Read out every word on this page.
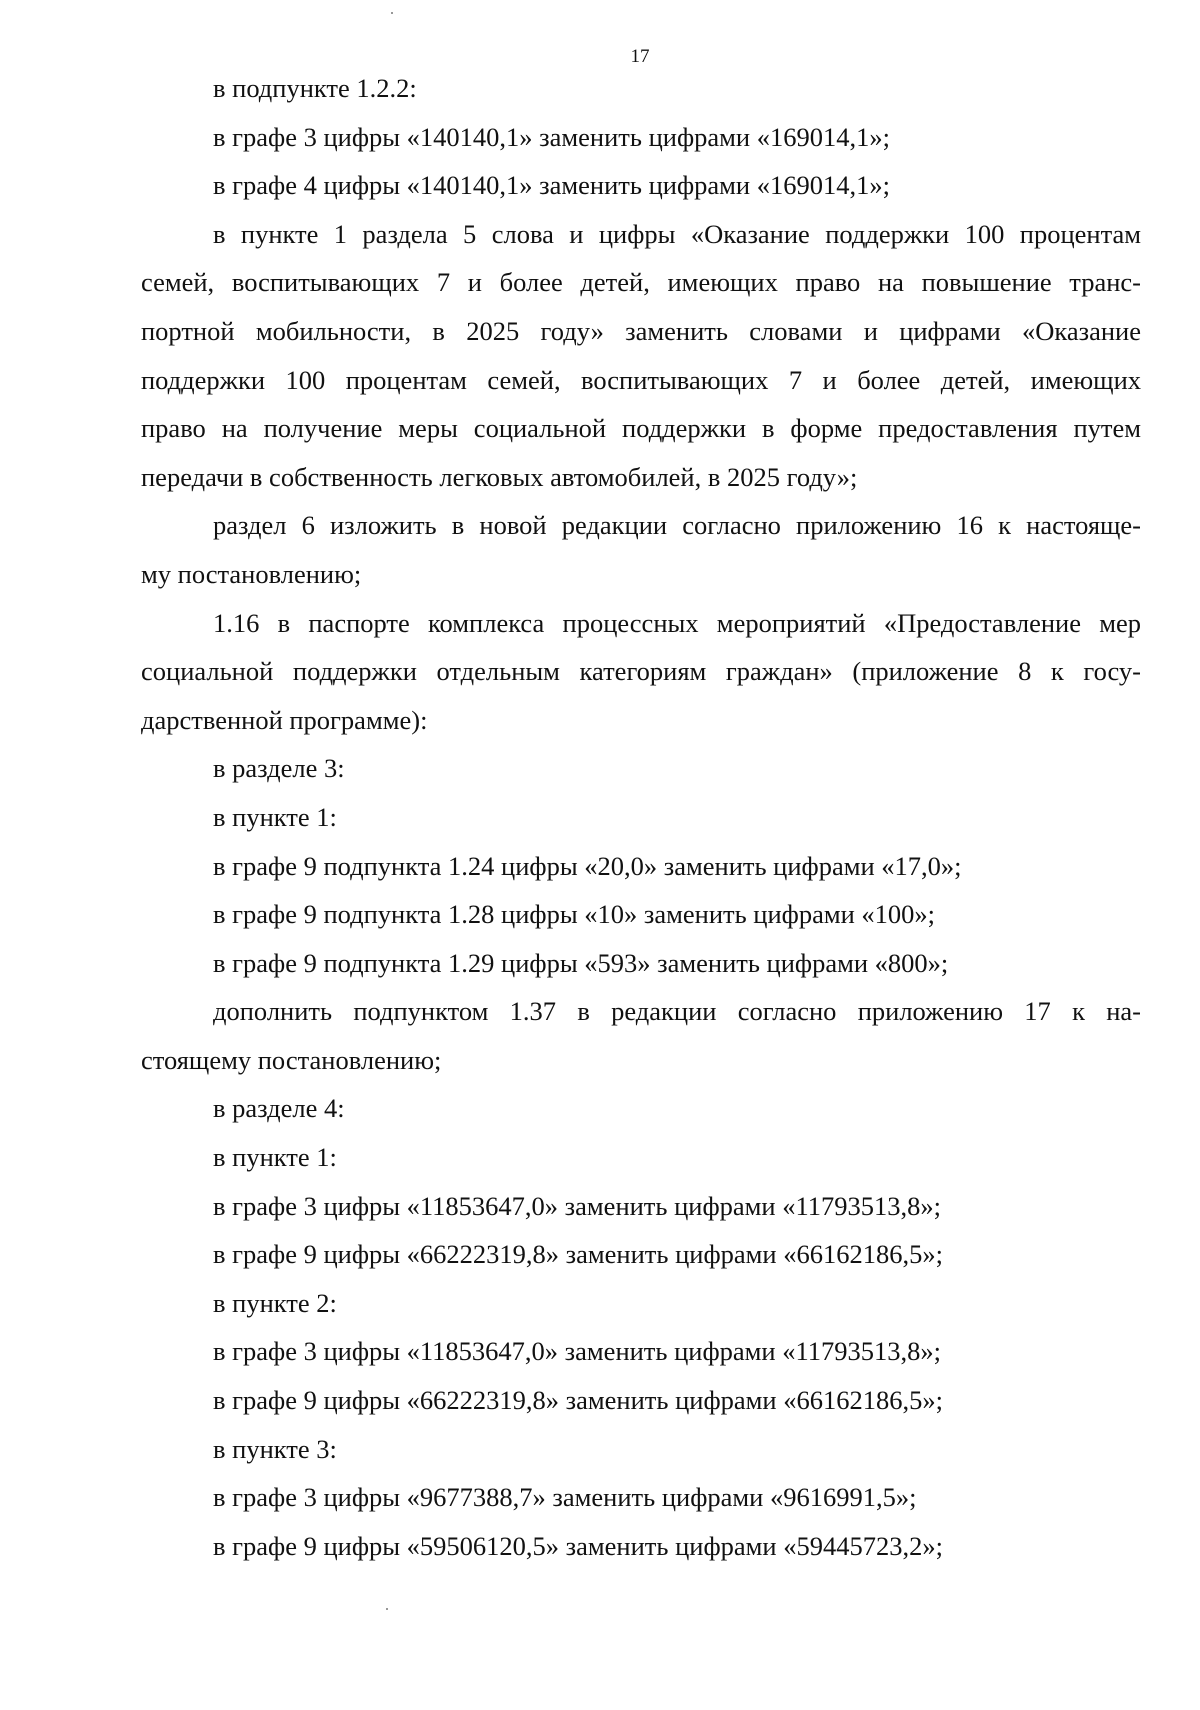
17
в подпункте 1.2.2:
в графе 3 цифры «140140,1» заменить цифрами «169014,1»;
в графе 4 цифры «140140,1» заменить цифрами «169014,1»;
в пункте 1 раздела 5 слова и цифры «Оказание поддержки 100 процентам
семей, воспитывающих 7 и более детей, имеющих право на повышение транс-
портной мобильности, в 2025 году» заменить словами и цифрами «Оказание
поддержки 100 процентам семей, воспитывающих 7 и более детей, имеющих
право на получение меры социальной поддержки в форме предоставления путем
передачи в собственность легковых автомобилей, в 2025 году»;
раздел 6 изложить в новой редакции согласно приложению 16 к настояще-
му постановлению;
1.16 в паспорте комплекса процессных мероприятий «Предоставление мер
социальной поддержки отдельным категориям граждан» (приложение 8 к госу-
дарственной программе):
в разделе 3:
в пункте 1:
в графе 9 подпункта 1.24 цифры «20,0» заменить цифрами «17,0»;
в графе 9 подпункта 1.28 цифры «10» заменить цифрами «100»;
в графе 9 подпункта 1.29 цифры «593» заменить цифрами «800»;
дополнить подпунктом 1.37 в редакции согласно приложению 17 к на-
стоящему постановлению;
в разделе 4:
в пункте 1:
в графе 3 цифры «11853647,0» заменить цифрами «11793513,8»;
в графе 9 цифры «66222319,8» заменить цифрами «66162186,5»;
в пункте 2:
в графе 3 цифры «11853647,0» заменить цифрами «11793513,8»;
в графе 9 цифры «66222319,8» заменить цифрами «66162186,5»;
в пункте 3:
в графе 3 цифры «9677388,7» заменить цифрами «9616991,5»;
в графе 9 цифры «59506120,5» заменить цифрами «59445723,2»;
